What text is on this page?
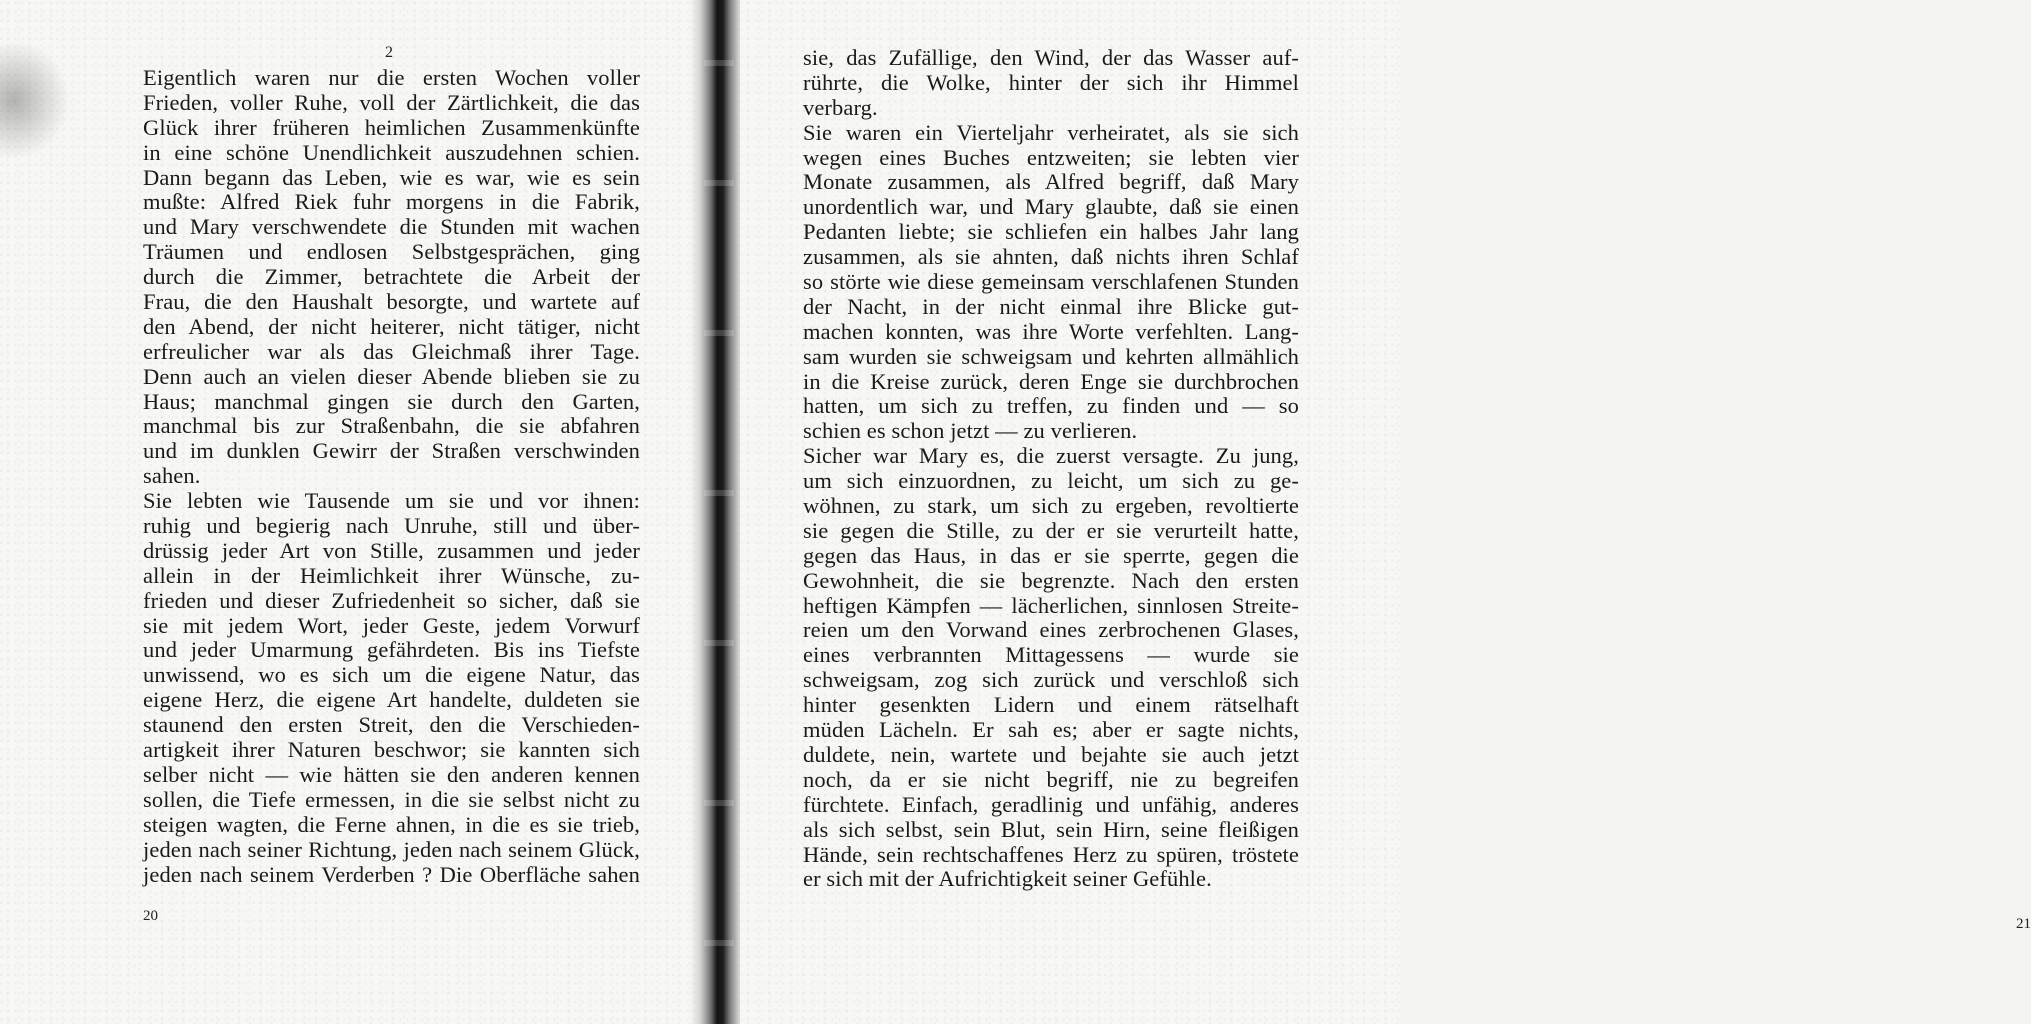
2
Eigentlich waren nur die ersten Wochen voller
Frieden, voller Ruhe, voll der Zärtlichkeit, die das
Glück ihrer früheren heimlichen Zusammenkünfte
in eine schöne Unendlichkeit auszudehnen schien.
Dann begann das Leben, wie es war, wie es sein
mußte: Alfred Riek fuhr morgens in die Fabrik,
und Mary verschwendete die Stunden mit wachen
Träumen und endlosen Selbstgesprächen, ging
durch die Zimmer, betrachtete die Arbeit der
Frau, die den Haushalt besorgte, und wartete auf
den Abend, der nicht heiterer, nicht tätiger, nicht
erfreulicher war als das Gleichmaß ihrer Tage.
Denn auch an vielen dieser Abende blieben sie zu
Haus; manchmal gingen sie durch den Garten,
manchmal bis zur Straßenbahn, die sie abfahren
und im dunklen Gewirr der Straßen verschwinden
sahen.
Sie lebten wie Tausende um sie und vor ihnen:
ruhig und begierig nach Unruhe, still und über-
drüssig jeder Art von Stille, zusammen und jeder
allein in der Heimlichkeit ihrer Wünsche, zu-
frieden und dieser Zufriedenheit so sicher, daß sie
sie mit jedem Wort, jeder Geste, jedem Vorwurf
und jeder Umarmung gefährdeten. Bis ins Tiefste
unwissend, wo es sich um die eigene Natur, das
eigene Herz, die eigene Art handelte, duldeten sie
staunend den ersten Streit, den die Verschieden-
artigkeit ihrer Naturen beschwor; sie kannten sich
selber nicht — wie hätten sie den anderen kennen
sollen, die Tiefe ermessen, in die sie selbst nicht zu
steigen wagten, die Ferne ahnen, in die es sie trieb,
jeden nach seiner Richtung, jeden nach seinem Glück,
jeden nach seinem Verderben ? Die Oberfläche sahen
20	21
sie, das Zufällige, den Wind, der das Wasser auf-
rührte, die Wolke, hinter der sich ihr Himmel
verbarg.
Sie waren ein Vierteljahr verheiratet, als sie sich
wegen eines Buches entzweiten; sie lebten vier
Monate zusammen, als Alfred begriff, daß Mary
unordentlich war, und Mary glaubte, daß sie einen
Pedanten liebte; sie schliefen ein halbes Jahr lang
zusammen, als sie ahnten, daß nichts ihren Schlaf
so störte wie diese gemeinsam verschlafenen Stunden
der Nacht, in der nicht einmal ihre Blicke gut-
machen konnten, was ihre Worte verfehlten. Lang-
sam wurden sie schweigsam und kehrten allmählich
in die Kreise zurück, deren Enge sie durchbrochen
hatten, um sich zu treffen, zu finden und — so
schien es schon jetzt — zu verlieren.
Sicher war Mary es, die zuerst versagte. Zu jung,
um sich einzuordnen, zu leicht, um sich zu ge-
wöhnen, zu stark, um sich zu ergeben, revoltierte
sie gegen die Stille, zu der er sie verurteilt hatte,
gegen das Haus, in das er sie sperrte, gegen die
Gewohnheit, die sie begrenzte. Nach den ersten
heftigen Kämpfen — lächerlichen, sinnlosen Streite-
reien um den Vorwand eines zerbrochenen Glases,
eines verbrannten Mittagessens — wurde sie
schweigsam, zog sich zurück und verschloß sich
hinter gesenkten Lidern und einem rätselhaft
müden Lächeln. Er sah es; aber er sagte nichts,
duldete, nein, wartete und bejahte sie auch jetzt
noch, da er sie nicht begriff, nie zu begreifen
fürchtete. Einfach, geradlinig und unfähig, anderes
als sich selbst, sein Blut, sein Hirn, seine fleißigen
Hände, sein rechtschaffenes Herz zu spüren, tröstete
er sich mit der Aufrichtigkeit seiner Gefühle.
